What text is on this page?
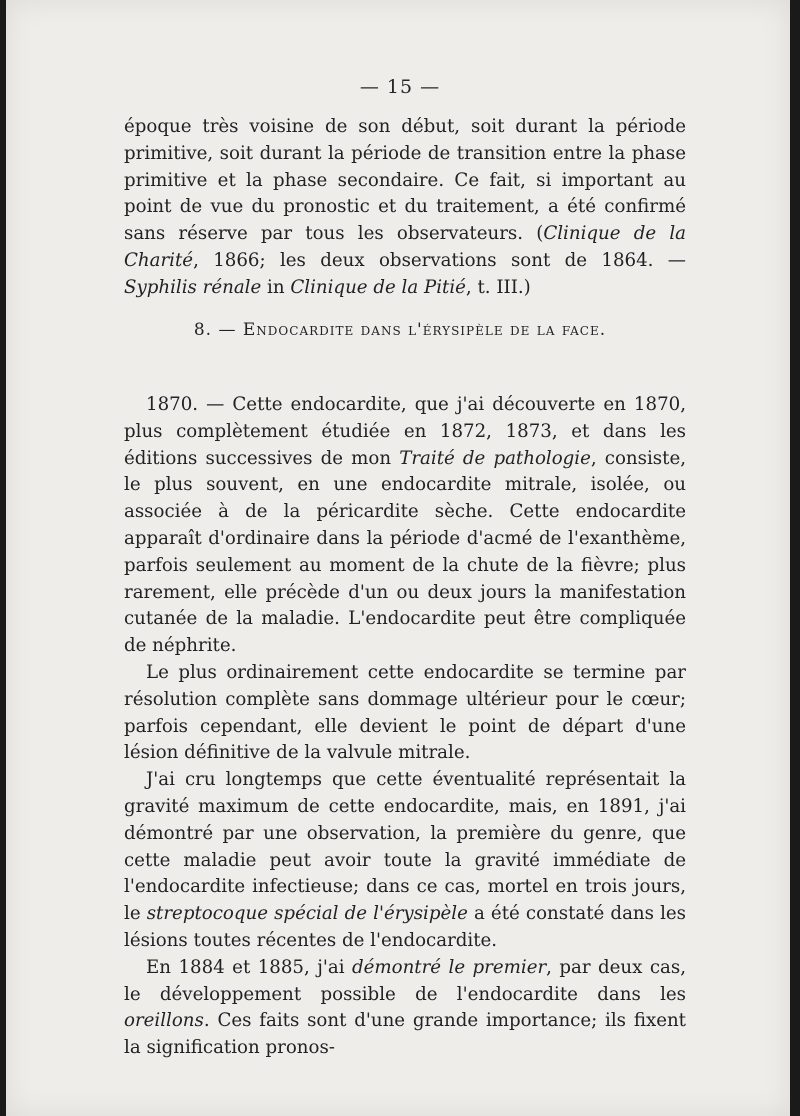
— 15 —

époque très voisine de son début, soit durant la période primitive, soit durant la période de transition entre la phase primitive et la phase secondaire. Ce fait, si important au point de vue du pronostic et du traitement, a été confirmé sans réserve par tous les observateurs. (Clinique de la Charité, 1866; les deux observations sont de 1864. — Syphilis rénale in Clinique de la Pitié, t. III.)

8. — Endocardite dans l'érysipèle de la face.

1870. — Cette endocardite, que j'ai découverte en 1870, plus complètement étudiée en 1872, 1873, et dans les éditions successives de mon Traité de pathologie, consiste, le plus souvent, en une endocardite mitrale, isolée, ou associée à de la péricardite sèche. Cette endocardite apparaît d'ordinaire dans la période d'acmé de l'exanthème, parfois seulement au moment de la chute de la fièvre; plus rarement, elle précède d'un ou deux jours la manifestation cutanée de la maladie. L'endocardite peut être compliquée de néphrite.

Le plus ordinairement cette endocardite se termine par résolution complète sans dommage ultérieur pour le cœur; parfois cependant, elle devient le point de départ d'une lésion définitive de la valvule mitrale.

J'ai cru longtemps que cette éventualité représentait la gravité maximum de cette endocardite, mais, en 1891, j'ai démontré par une observation, la première du genre, que cette maladie peut avoir toute la gravité immédiate de l'endocardite infectieuse; dans ce cas, mortel en trois jours, le streptocoque spécial de l'érysipèle a été constaté dans les lésions toutes récentes de l'endocardite.

En 1884 et 1885, j'ai démontré le premier, par deux cas, le développement possible de l'endocardite dans les oreillons. Ces faits sont d'une grande importance; ils fixent la signification pronos-
